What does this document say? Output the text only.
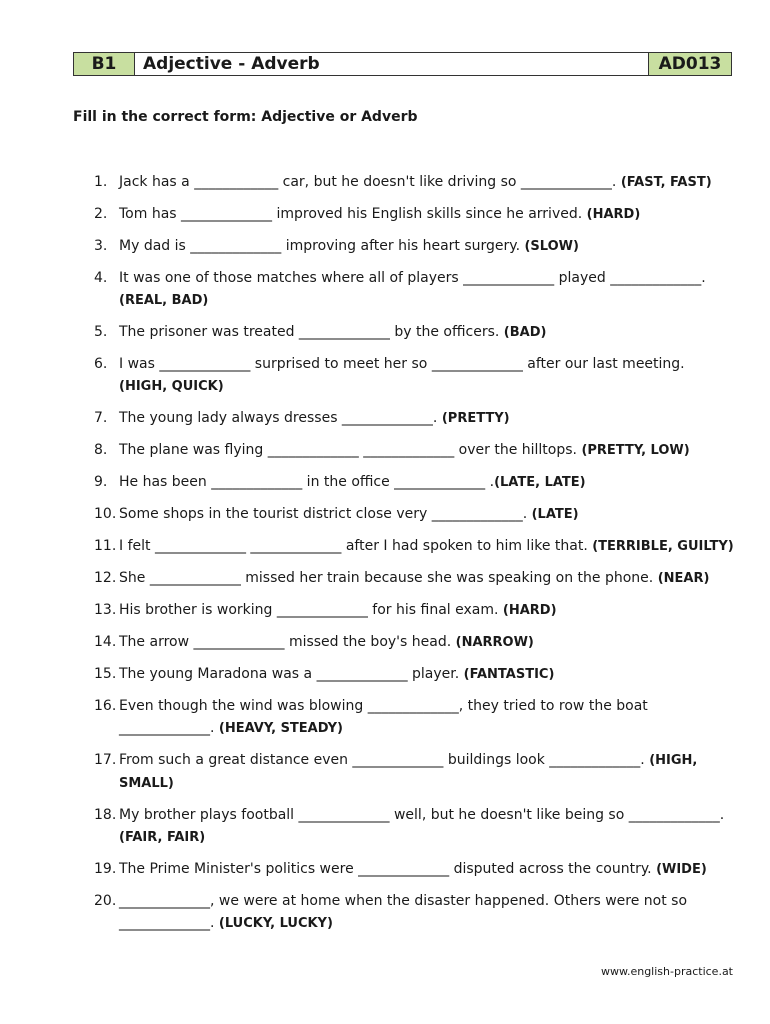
B1	Adjective - Adverb	AD013
Fill in the correct form: Adjective or Adverb
1. Jack has a ____________ car, but he doesn't like driving so _____________. (FAST, FAST)
2. Tom has _____________ improved his English skills since he arrived. (HARD)
3. My dad is _____________ improving after his heart surgery. (SLOW)
4. It was one of those matches where all of players _____________ played _____________. (REAL, BAD)
5. The prisoner was treated _____________ by the officers. (BAD)
6. I was _____________ surprised to meet her so _____________ after our last meeting. (HIGH, QUICK)
7. The young lady always dresses _____________. (PRETTY)
8. The plane was flying _____________ _____________ over the hilltops. (PRETTY, LOW)
9. He has been _____________ in the office _____________ .(LATE, LATE)
10. Some shops in the tourist district close very _____________. (LATE)
11. I felt _____________ _____________ after I had spoken to him like that. (TERRIBLE, GUILTY)
12. She _____________ missed her train because she was speaking on the phone. (NEAR)
13. His brother is working _____________ for his final exam. (HARD)
14. The arrow _____________ missed the boy's head. (NARROW)
15. The young Maradona was a _____________ player. (FANTASTIC)
16. Even though the wind was blowing _____________, they tried to row the boat _____________. (HEAVY, STEADY)
17. From such a great distance even _____________ buildings look _____________. (HIGH, SMALL)
18. My brother plays football _____________ well, but he doesn't like being so _____________. (FAIR, FAIR)
19. The Prime Minister's politics were _____________ disputed across the country. (WIDE)
20. _____________, we were at home when the disaster happened. Others were not so _____________. (LUCKY, LUCKY)
www.english-practice.at
